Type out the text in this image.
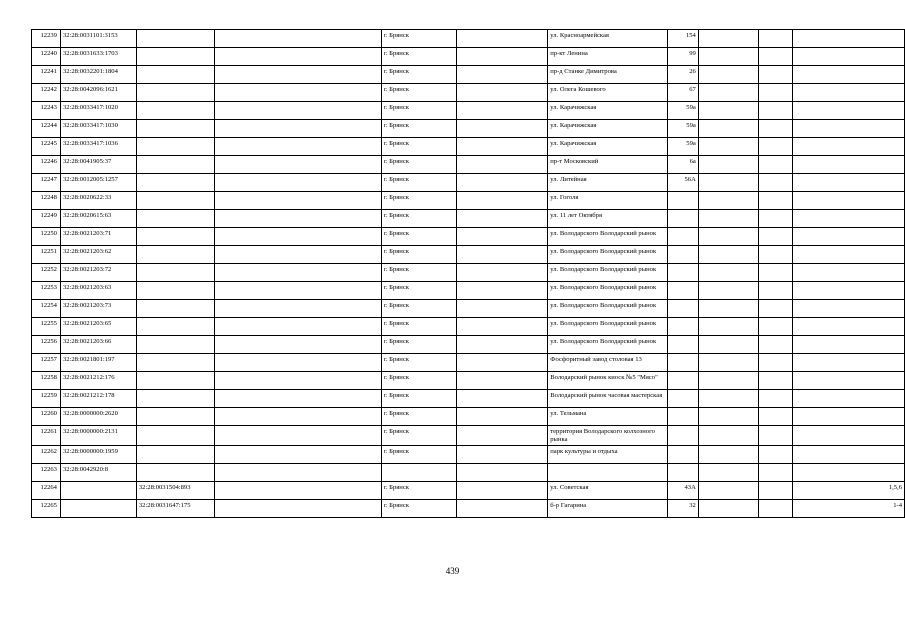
12239	32:28:0031101:3153			г. Брянск		ул. Красноармейская	154			
12240	32:28:0031633:1703			г. Брянск		пр-кт Ленина	99			
12241	32:28:0032201:1804			г. Брянск		пр-д Станке Димитрова	26			
12242	32:28:0042096:1621			г. Брянск		ул. Олега Кошевого	67			
12243	32:28:0033417:1020			г. Брянск		ул. Карачижская	59а			
12244	32:28:0033417:1030			г. Брянск		ул. Карачижская	59а			
12245	32:28:0033417:1036			г. Брянск		ул. Карачижская	59а			
12246	32:28:0041905:37			г. Брянск		пр-т Московский	6а			
12247	32:28:0012005:1257			г. Брянск		ул. Литейная	56А			
12248	32:28:0020622:33			г. Брянск		ул. Гоголя				
12249	32:28:0020615:63			г. Брянск		ул. 11 лет Октября				
12250	32:28:0021203:71			г. Брянск		ул. Володарского Володарский рынок				
12251	32:28:0021203:62			г. Брянск		ул. Володарского Володарский рынок				
12252	32:28:0021203:72			г. Брянск		ул. Володарского Володарский рынок				
12253	32:28:0021203:63			г. Брянск		ул. Володарского Володарский рынок				
12254	32:28:0021203:73			г. Брянск		ул. Володарского Володарский рынок				
12255	32:28:0021203:65			г. Брянск		ул. Володарского Володарский рынок				
12256	32:28:0021203:66			г. Брянск		ул. Володарского Володарский рынок				
12257	32:28:0021801:197			г. Брянск		Фосфоритный завод столовая 13				
12258	32:28:0021212:176			г. Брянск		Володарский рынок киоск №5 "Мясо"				
12259	32:28:0021212:178			г. Брянск		Володарский рынок часовая мастерская				
12260	32:28:0000000:2620			г. Брянск		ул. Тельмана				
12261	32:28:0000000:2131			г. Брянск		территория Володарского колхозного рынка				
12262	32:28:0000000:1959			г. Брянск		парк культуры и отдыха				
12263	32:28:0042920:8									
12264		32:28:0031504:893		г. Брянск		ул. Советская	43А			1,5,6
12265		32:28:0031647:175		г. Брянск		б-р Гагарина	32			1-4
439
